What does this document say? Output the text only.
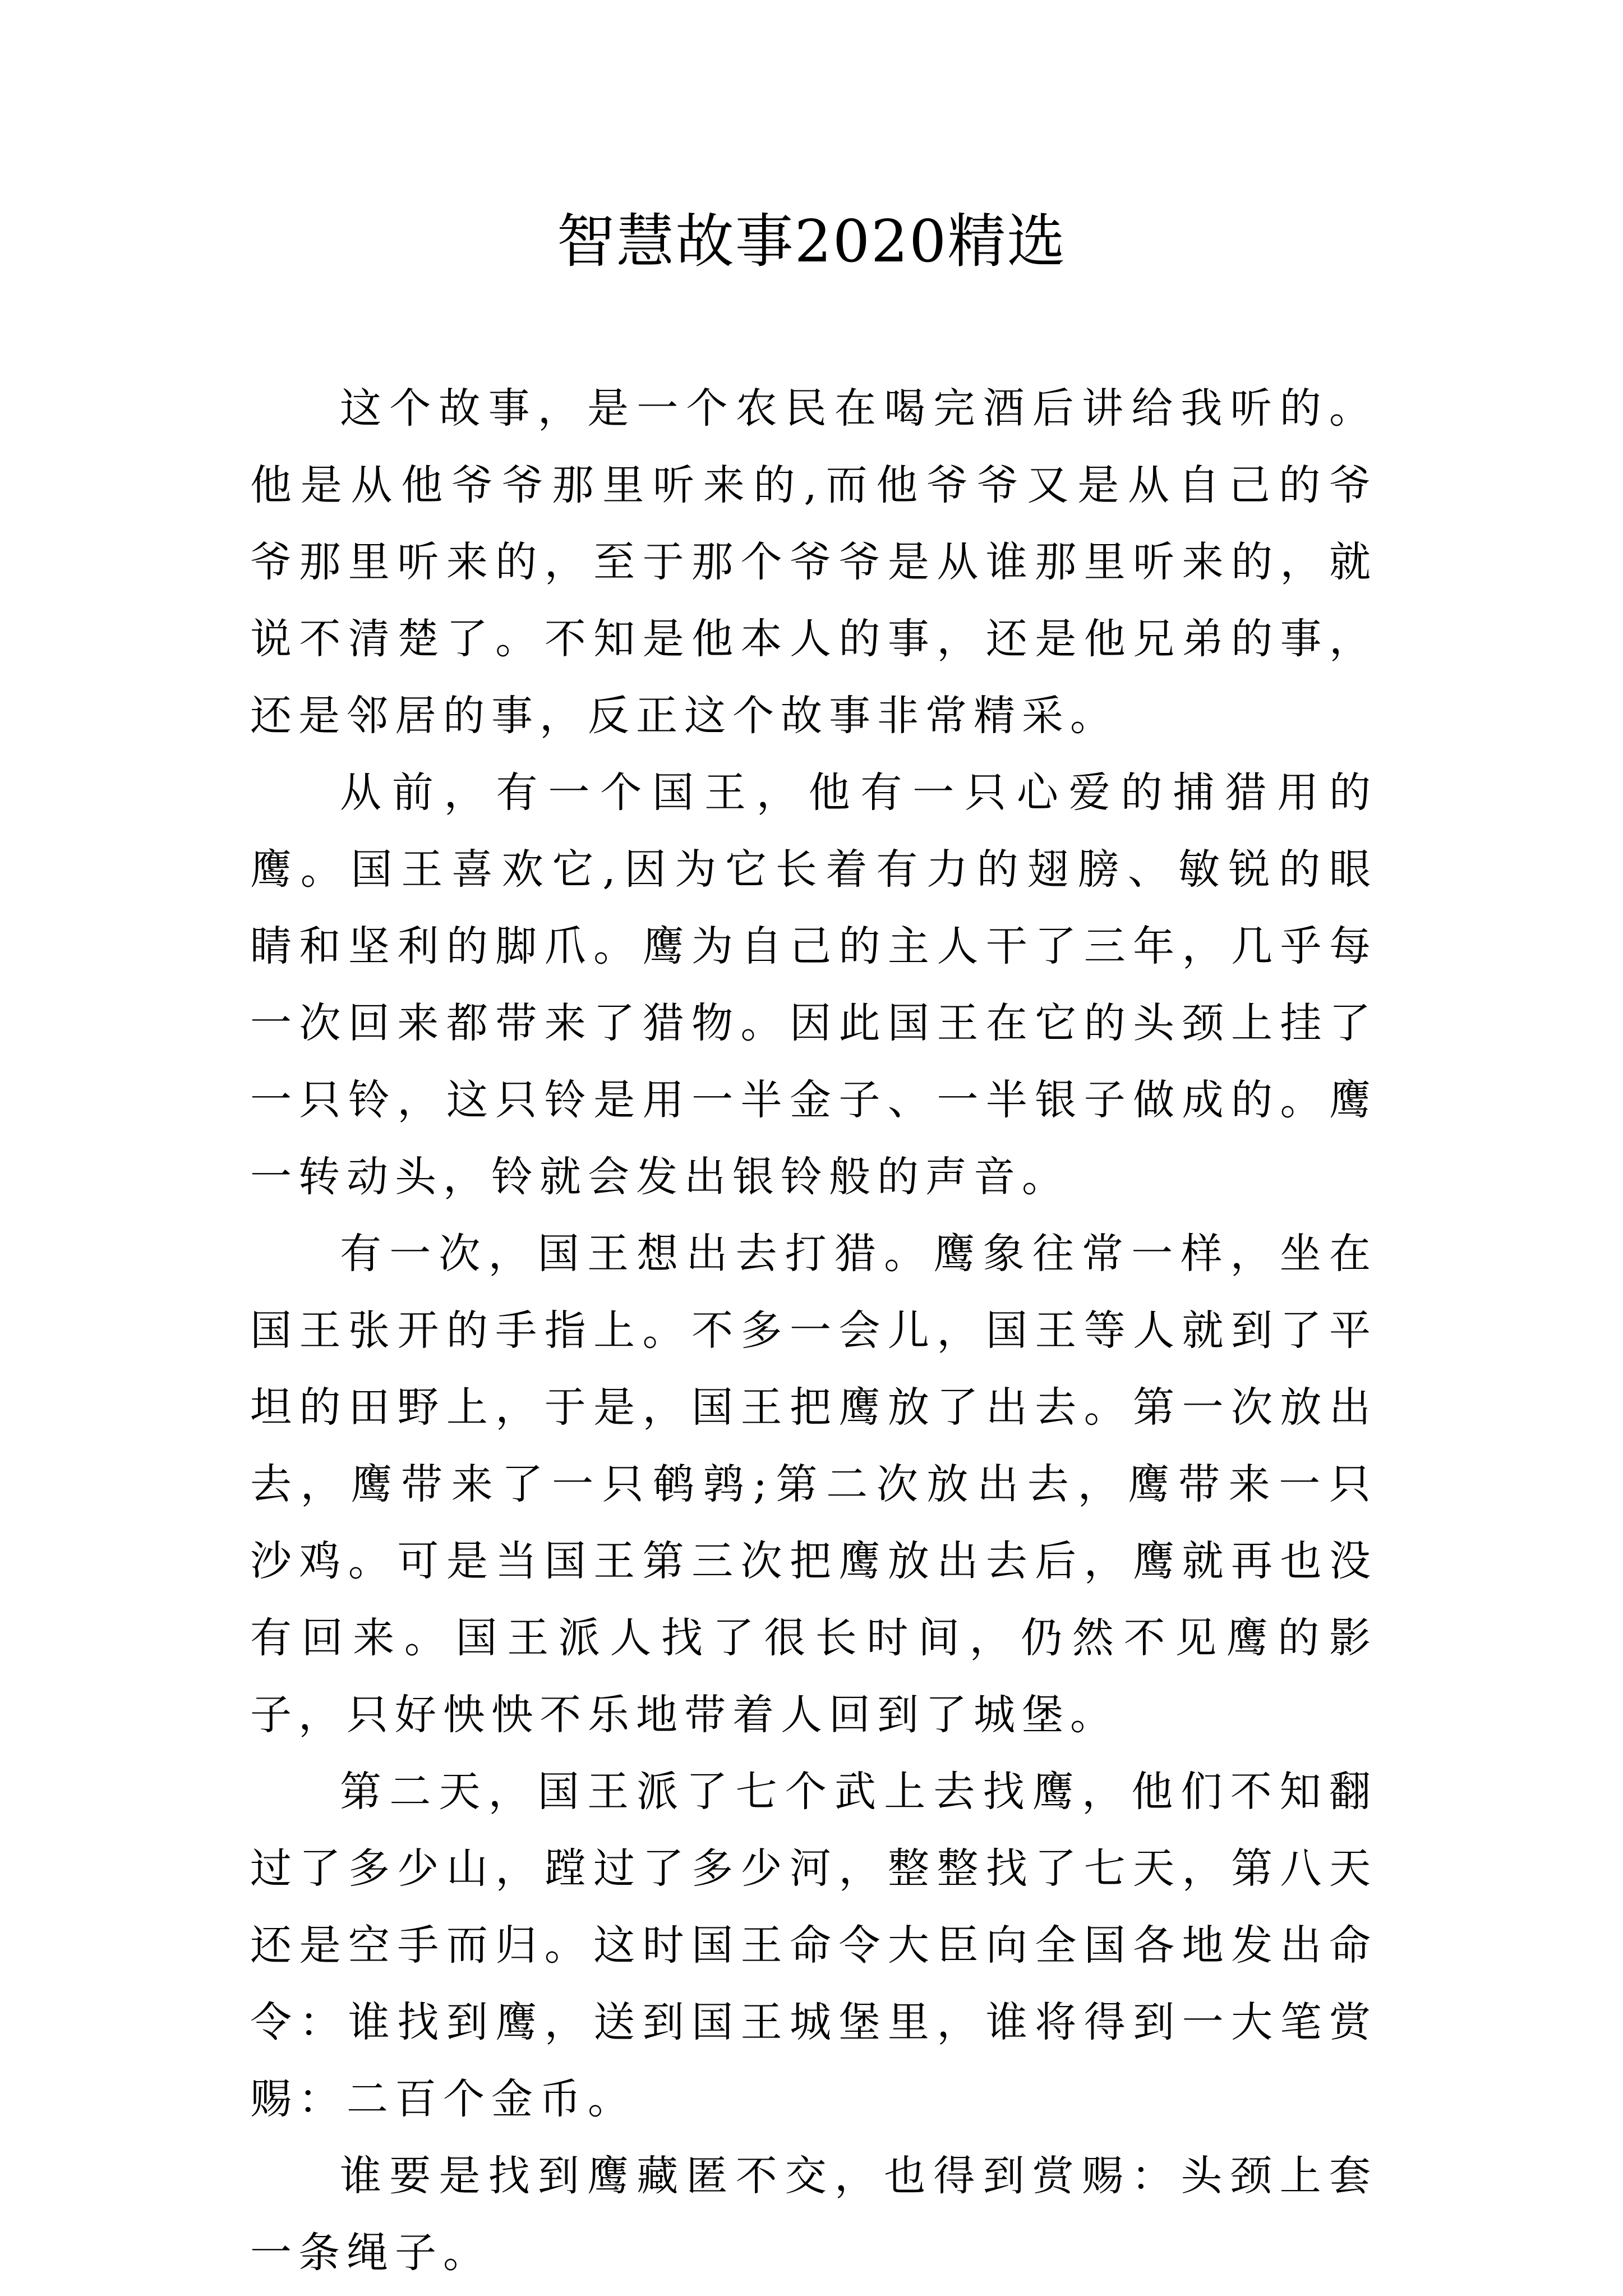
智慧故事2020精选

这个故事，是一个农民在喝完酒后讲给我听的。他是从他爷爷那里听来的,而他爷爷又是从自己的爷爷那里听来的，至于那个爷爷是从谁那里听来的，就说不清楚了。不知是他本人的事，还是他兄弟的事，还是邻居的事，反正这个故事非常精采。

从前，有一个国王，他有一只心爱的捕猎用的鹰。国王喜欢它,因为它长着有力的翅膀、敏锐的眼睛和坚利的脚爪。鹰为自己的主人干了三年，几乎每一次回来都带来了猎物。因此国王在它的头颈上挂了一只铃，这只铃是用一半金子、一半银子做成的。鹰一转动头，铃就会发出银铃般的声音。

有一次，国王想出去打猎。鹰象往常一样，坐在国王张开的手指上。不多一会儿，国王等人就到了平坦的田野上，于是，国王把鹰放了出去。第一次放出去，鹰带来了一只鹌鹑;第二次放出去，鹰带来一只沙鸡。可是当国王第三次把鹰放出去后，鹰就再也没有回来。国王派人找了很长时间，仍然不见鹰的影子，只好怏怏不乐地带着人回到了城堡。

第二天，国王派了七个武上去找鹰，他们不知翻过了多少山，蹚过了多少河，整整找了七天，第八天还是空手而归。这时国王命令大臣向全国各地发出命令：谁找到鹰，送到国王城堡里，谁将得到一大笔赏赐：二百个金币。

谁要是找到鹰藏匿不交，也得到赏赐：头颈上套一条绳子。
